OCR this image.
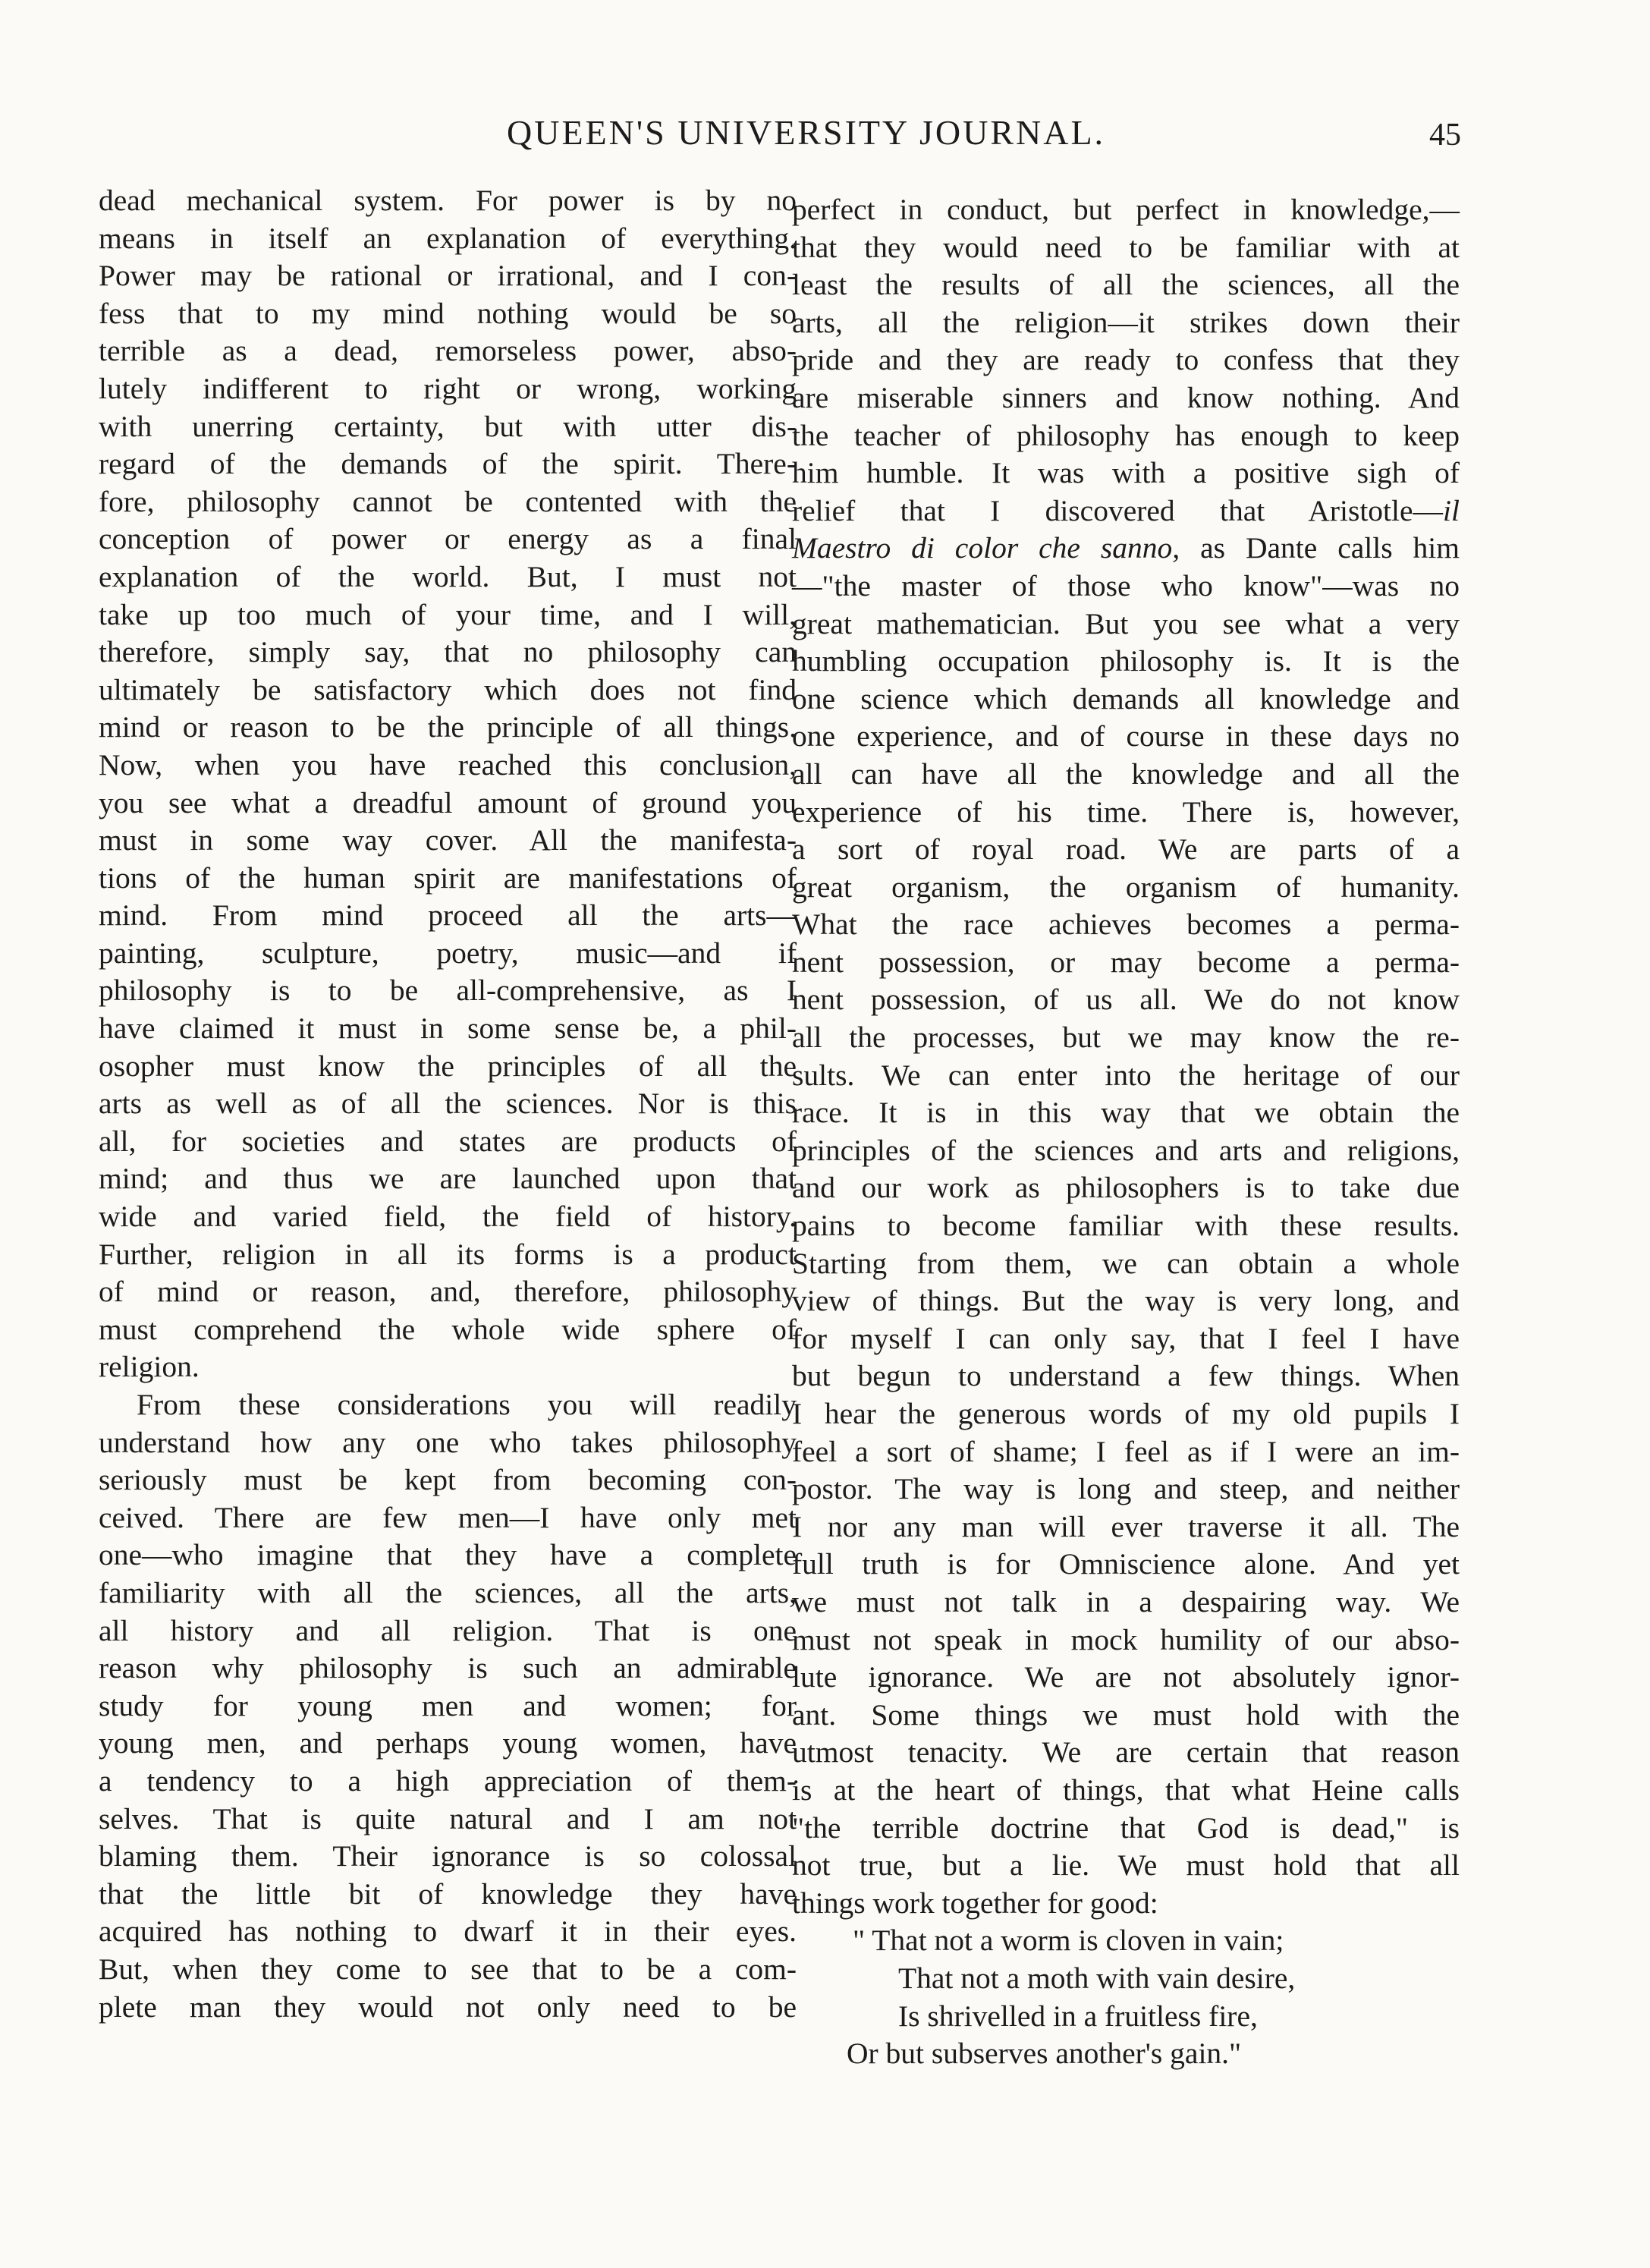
QUEEN'S UNIVERSITY JOURNAL.	45
dead mechanical system. For power is by no
means in itself an explanation of everything.
Power may be rational or irrational, and I con-
fess that to my mind nothing would be so
terrible as a dead, remorseless power, abso-
lutely indifferent to right or wrong, working
with unerring certainty, but with utter dis-
regard of the demands of the spirit. There-
fore, philosophy cannot be contented with the
conception of power or energy as a final
explanation of the world. But, I must not
take up too much of your time, and I will,
therefore, simply say, that no philosophy can
ultimately be satisfactory which does not find
mind or reason to be the principle of all things.
Now, when you have reached this conclusion,
you see what a dreadful amount of ground you
must in some way cover. All the manifesta-
tions of the human spirit are manifestations of
mind. From mind proceed all the arts—
painting, sculpture, poetry, music—and if
philosophy is to be all-comprehensive, as I
have claimed it must in some sense be, a phil-
osopher must know the principles of all the
arts as well as of all the sciences. Nor is this
all, for societies and states are products of
mind; and thus we are launched upon that
wide and varied field, the field of history.
Further, religion in all its forms is a product
of mind or reason, and, therefore, philosophy
must comprehend the whole wide sphere of
religion.
From these considerations you will readily
understand how any one who takes philosophy
seriously must be kept from becoming con-
ceived. There are few men—I have only met
one—who imagine that they have a complete
familiarity with all the sciences, all the arts,
all history and all religion. That is one
reason why philosophy is such an admirable
study for young men and women; for
young men, and perhaps young women, have
a tendency to a high appreciation of them-
selves. That is quite natural and I am not
blaming them. Their ignorance is so colossal
that the little bit of knowledge they have
acquired has nothing to dwarf it in their eyes.
But, when they come to see that to be a com-
plete man they would not only need to be
perfect in conduct, but perfect in knowledge,—
that they would need to be familiar with at
least the results of all the sciences, all the
arts, all the religion—it strikes down their
pride and they are ready to confess that they
are miserable sinners and know nothing. And
the teacher of philosophy has enough to keep
him humble. It was with a positive sigh of
relief that I discovered that Aristotle—il
Maestro di color che sanno, as Dante calls him
—"the master of those who know"—was no
great mathematician. But you see what a very
humbling occupation philosophy is. It is the
one science which demands all knowledge and
one experience, and of course in these days no
all can have all the knowledge and all the
experience of his time. There is, however,
a sort of royal road. We are parts of a
great organism, the organism of humanity.
What the race achieves becomes a perma-
nent possession, or may become a perma-
nent possession, of us all. We do not know
all the processes, but we may know the re-
sults. We can enter into the heritage of our
race. It is in this way that we obtain the
principles of the sciences and arts and religions,
and our work as philosophers is to take due
pains to become familiar with these results.
Starting from them, we can obtain a whole
view of things. But the way is very long, and
for myself I can only say, that I feel I have
but begun to understand a few things. When
I hear the generous words of my old pupils I
feel a sort of shame; I feel as if I were an im-
postor. The way is long and steep, and neither
I nor any man will ever traverse it all. The
full truth is for Omniscience alone. And yet
we must not talk in a despairing way. We
must not speak in mock humility of our abso-
lute ignorance. We are not absolutely ignor-
ant. Some things we must hold with the
utmost tenacity. We are certain that reason
is at the heart of things, that what Heine calls
"the terrible doctrine that God is dead," is
not true, but a lie. We must hold that all
things work together for good:
" That not a worm is cloven in vain;
That not a moth with vain desire,
Is shrivelled in a fruitless fire,
Or but subserves another's gain."
